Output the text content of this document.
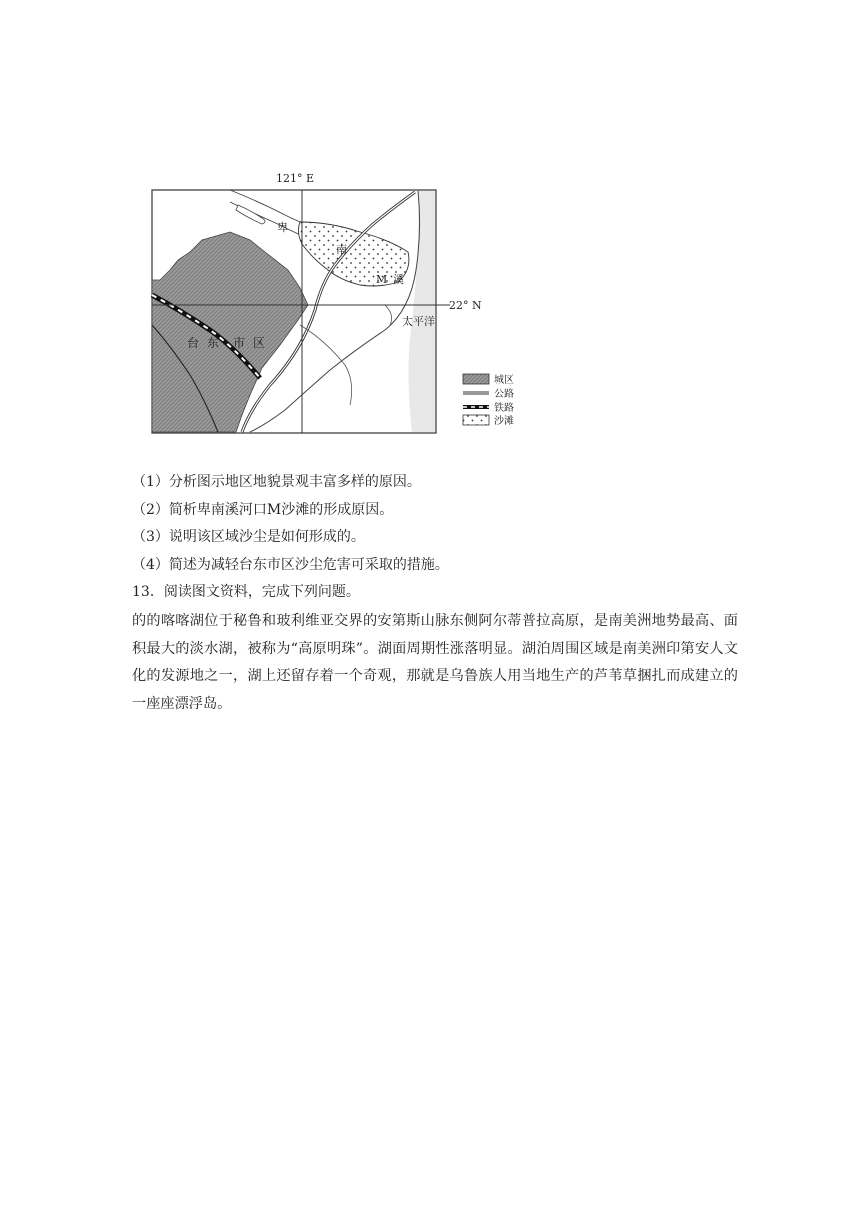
121° E
22° N
卑
南
M 溪
太平洋
台 东 市 区
城区
公路
铁路
沙滩
（1）分析图示地区地貌景观丰富多样的原因。
（2）简析卑南溪河口M沙滩的形成原因。
（3）说明该区域沙尘是如何形成的。
（4）简述为减轻台东市区沙尘危害可采取的措施。
13．阅读图文资料，完成下列问题。
的的喀喀湖位于秘鲁和玻利维亚交界的安第斯山脉东侧阿尔蒂普拉高原，是南美洲地势最高、面积最大的淡水湖，被称为“高原明珠”。湖面周期性涨落明显。湖泊周围区域是南美洲印第安人文化的发源地之一，湖上还留存着一个奇观，那就是乌鲁族人用当地生产的芦苇草捆扎而成建立的一座座漂浮岛。
